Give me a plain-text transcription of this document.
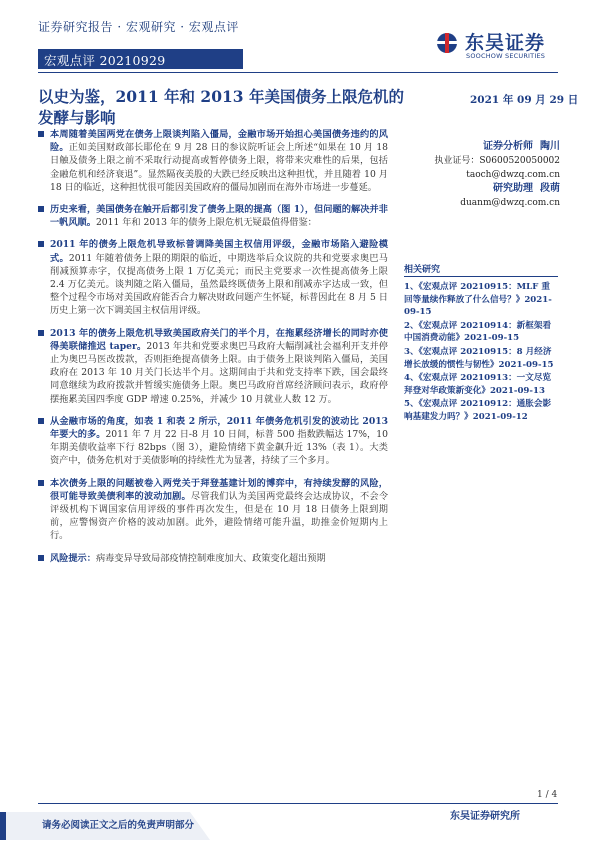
证券研究报告 · 宏观研究 · 宏观点评
宏观点评 20210929
东吴证券
SOOCHOW SECURITIES
以史为鉴，2011 年和 2013 年美国债务上限危机的发酵与影响
2021 年 09 月 29 日
本周随着美国两党在债务上限谈判陷入僵局，金融市场开始担心美国债务违约的风险。正如美国财政部长耶伦在 9 月 28 日的参议院听证会上所述“如果在 10 月 18 日触及债务上限之前不采取行动提高或暂停债务上限，将带来灾难性的后果，包括金融危机和经济衰退”。显然隔夜美股的大跌已经反映出这种担忧，并且随着 10 月 18 日的临近，这种担忧很可能因美国政府的僵局加剧而在海外市场进一步蔓延。
历史来看，美国债务在触开后都引发了债务上限的提高（图 1），但问题的解决并非一帆风顺。2011 年和 2013 年的债务上限危机无疑最值得借鉴：
2011 年的债务上限危机导致标普调降美国主权信用评级，金融市场陷入避险模式。2011 年随着债务上限的期限的临近，中期选举后众议院的共和党要求奥巴马削减预算赤字，仅提高债务上限 1 万亿美元；而民主党要求一次性提高债务上限 2.4 万亿美元。谈判随之陷入僵局，虽然最终既债务上限和削减赤字达成一致，但整个过程令市场对美国政府能否合力解决财政问题产生怀疑，标普因此在 8 月 5 日历史上第一次下调美国主权信用评级。
2013 年的债务上限危机导致美国政府关门的半个月，在拖累经济增长的同时亦使得美联储推迟 taper。2013 年共和党要求奥巴马政府大幅削减社会福利开支并停止为奥巴马医改拨款，否则拒绝提高债务上限。由于债务上限谈判陷入僵局，美国政府在 2013 年 10 月关门长达半个月。这期间由于共和党支持率下跌，国会最终同意继续为政府拨款并暂缓实施债务上限。奥巴马政府首席经济顾问表示，政府停摆拖累美国四季度 GDP 增速 0.25%，并减少 10 月就业人数 12 万。
从金融市场的角度，如表 1 和表 2 所示，2011 年债务危机引发的波动比 2013 年要大的多。2011 年 7 月 22 日-8 月 10 日间，标普 500 指数跌幅达 17%，10 年期美债收益率下行 82bps（图 3），避险情绪下黄金飙升近 13%（表 1）。大类资产中，债务危机对于美债影响的持续性尤为显著，持续了三个多月。
本次债务上限的问题被卷入两党关于拜登基建计划的博弈中，有持续发酵的风险，很可能导致美债利率的波动加剧。尽管我们认为美国两党最终会达成协议，不会令评级机构下调国家信用评级的事件再次发生，但是在 10 月 18 日债务上限到期前，应警惕资产价格的波动加剧。此外，避险情绪可能升温，助推金价短期内上行。
风险提示：病毒变异导致局部疫情控制难度加大、政策变化超出预期
证券分析师 陶川
执业证号：S0600520050002
taoch@dwzq.com.cn
研究助理 段萌
duanm@dwzq.com.cn
相关研究
1、《宏观点评 20210915：MLF 重回等量续作释放了什么信号？》2021-09-15
2、《宏观点评 20210914：新框架看中国消费动能》2021-09-15
3、《宏观点评 20210915：8 月经济增长放缓的惯性与韧性》2021-09-15
4、《宏观点评 20210913：一文尽览拜登对华政策新变化》2021-09-13
5、《宏观点评 20210912：通胀会影响基建发力吗？》2021-09-12
1 / 4
东吴证券研究所
请务必阅读正文之后的免责声明部分
